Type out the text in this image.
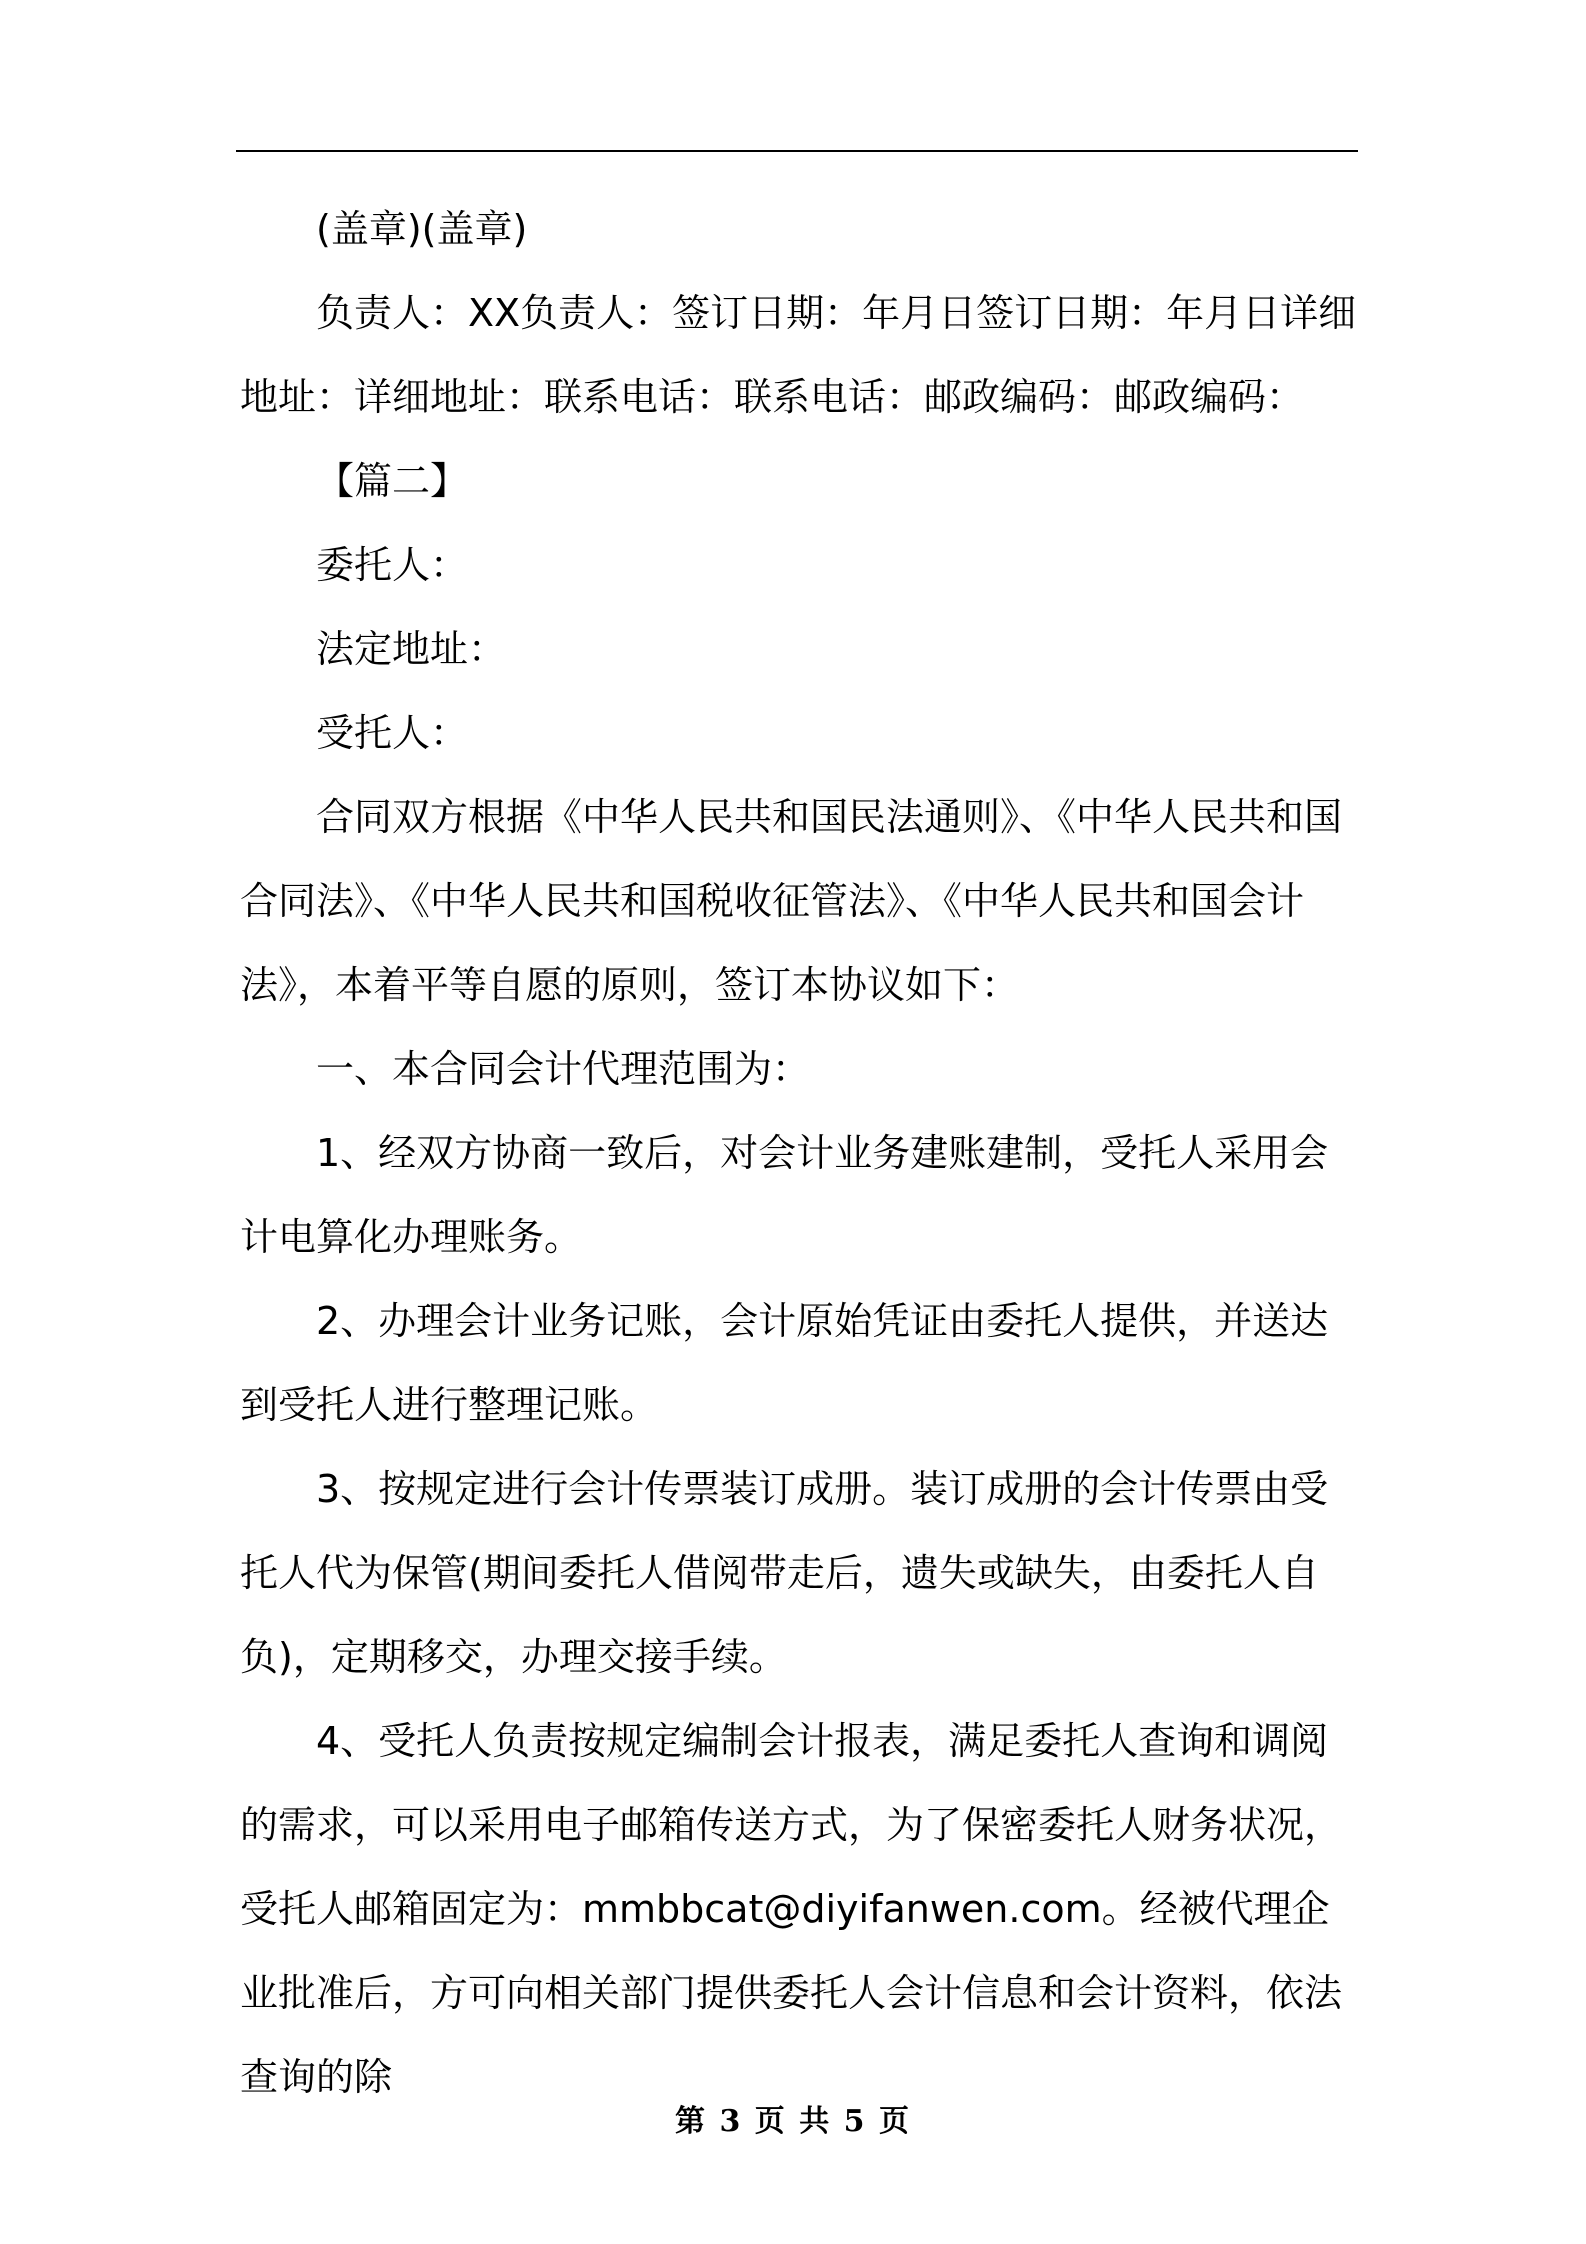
(盖章)(盖章)

负责人：XX负责人：签订日期：年月日签订日期：年月日详细地址：详细地址：联系电话：联系电话：邮政编码：邮政编码：

【篇二】

委托人：

法定地址：

受托人：

合同双方根据《中华人民共和国民法通则》、《中华人民共和国合同法》、《中华人民共和国税收征管法》、《中华人民共和国会计法》，本着平等自愿的原则，签订本协议如下：

一、本合同会计代理范围为：

1、经双方协商一致后，对会计业务建账建制，受托人采用会计电算化办理账务。

2、办理会计业务记账，会计原始凭证由委托人提供，并送达到受托人进行整理记账。

3、按规定进行会计传票装订成册。装订成册的会计传票由受托人代为保管(期间委托人借阅带走后，遗失或缺失，由委托人自负)，定期移交，办理交接手续。

4、受托人负责按规定编制会计报表，满足委托人查询和调阅的需求，可以采用电子邮箱传送方式，为了保密委托人财务状况，受托人邮箱固定为：mmbbcat@diyifanwen.com。经被代理企业批准后，方可向相关部门提供委托人会计信息和会计资料，依法查询的除

第 3 页 共 5 页
